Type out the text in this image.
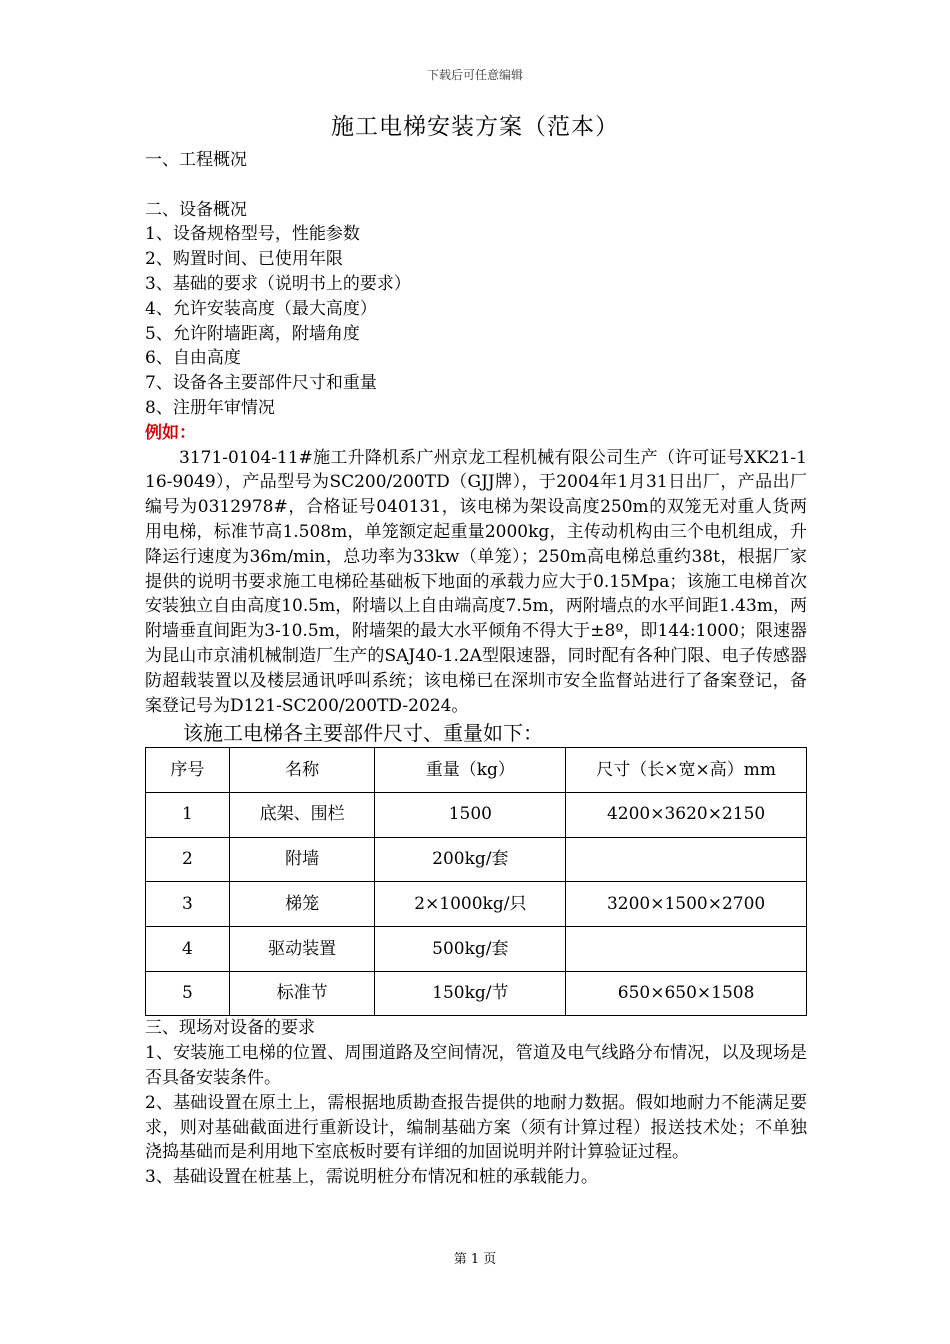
下载后可任意编辑
施工电梯安装方案（范本）
一、工程概况
二、设备概况
1、设备规格型号，性能参数
2、购置时间、已使用年限
3、基础的要求（说明书上的要求）
4、允许安装高度（最大高度）
5、允许附墙距离，附墙角度
6、自由高度
7、设备各主要部件尺寸和重量
8、注册年审情况
例如：
3171-0104-11#施工升降机系广州京龙工程机械有限公司生产（许可证号XK21-116-9049），产品型号为SC200/200TD（GJJ牌），于2004年1月31日出厂，产品出厂编号为0312978#，合格证号040131，该电梯为架设高度250m的双笼无对重人货两用电梯，标准节高1.508m，单笼额定起重量2000kg，主传动机构由三个电机组成，升降运行速度为36m/min，总功率为33kw（单笼）；250m高电梯总重约38t，根据厂家提供的说明书要求施工电梯砼基础板下地面的承载力应大于0.15Mpa；该施工电梯首次安装独立自由高度10.5m，附墙以上自由端高度7.5m，两附墙点的水平间距1.43m，两附墙垂直间距为3-10.5m，附墙架的最大水平倾角不得大于±8º，即144:1000；限速器为昆山市京浦机械制造厂生产的SAJ40-1.2A型限速器，同时配有各种门限、电子传感器防超载装置以及楼层通讯呼叫系统；该电梯已在深圳市安全监督站进行了备案登记，备案登记号为D121-SC200/200TD-2024。
该施工电梯各主要部件尺寸、重量如下：
序号	名称	重量（kg）	尺寸（长×宽×高）mm
1	底架、围栏	1500	4200×3620×2150
2	附墙	200kg/套	
3	梯笼	2×1000kg/只	3200×1500×2700
4	驱动装置	500kg/套	
5	标准节	150kg/节	650×650×1508
三、现场对设备的要求
1、安装施工电梯的位置、周围道路及空间情况，管道及电气线路分布情况，以及现场是否具备安装条件。
2、基础设置在原土上，需根据地质勘查报告提供的地耐力数据。假如地耐力不能满足要求，则对基础截面进行重新设计，编制基础方案（须有计算过程）报送技术处；不单独浇捣基础而是利用地下室底板时要有详细的加固说明并附计算验证过程。
3、基础设置在桩基上，需说明桩分布情况和桩的承载能力。
第 1 页
